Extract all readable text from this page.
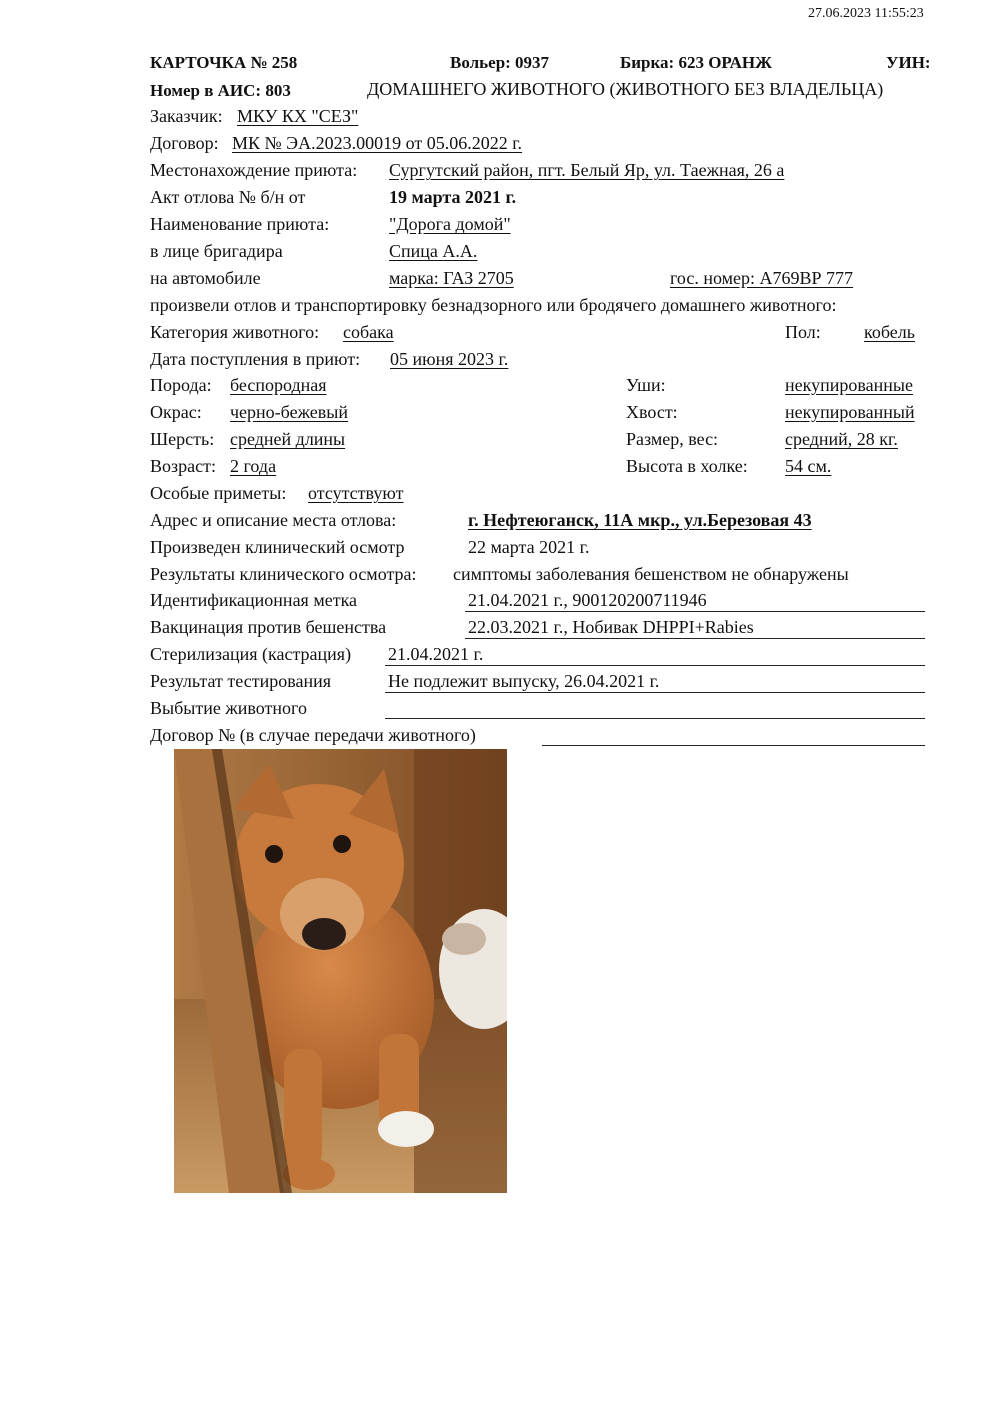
27.06.2023 11:55:23
КАРТОЧКА № 258	Вольер: 0937	Бирка: 623 ОРАНЖ	УИН:
Номер в АИС: 803	ДОМАШНЕГО ЖИВОТНОГО (ЖИВОТНОГО БЕЗ ВЛАДЕЛЬЦА)
Заказчик: МКУ КХ "СЕЗ"
Договор: МК № ЭА.2023.00019 от 05.06.2022 г.
Местонахождение приюта: Сургутский район, пгт. Белый Яр, ул. Таежная, 26 а
Акт отлова № б/н от	19 марта 2021 г.
Наименование приюта:	"Дорога домой"
в лице бригадира	Спица А.А.
на автомобиле	марка: ГАЗ 2705	гос. номер: А769ВР 777
произвели отлов и транспортировку безнадзорного или бродячего домашнего животного:
Категория животного: собака	Пол: кобель
Дата поступления в приют: 05 июня 2023 г.
Порода: беспородная	Уши:	некупированные
Окрас: черно-бежевый	Хвост:	некупированный
Шерсть: средней длины	Размер, вес:	средний, 28 кг.
Возраст: 2 года	Высота в холке: 54 см.
Особые приметы: отсутствуют
Адрес и описание места отлова:	г. Нефтеюганск, 11А мкр., ул.Березовая 43
Произведен клинический осмотр	22 марта 2021 г.
Результаты клинического осмотра: симптомы заболевания бешенством не обнаружены
Идентификационная метка	21.04.2021 г., 900120200711946
Вакцинация против бешенства	22.03.2021 г., Нобивак DHPPI+Rabies
Стерилизация (кастрация) 21.04.2021 г.
Результат тестирования	Не подлежит выпуску, 26.04.2021 г.
Выбытие животного
Договор № (в случае передачи животного)
